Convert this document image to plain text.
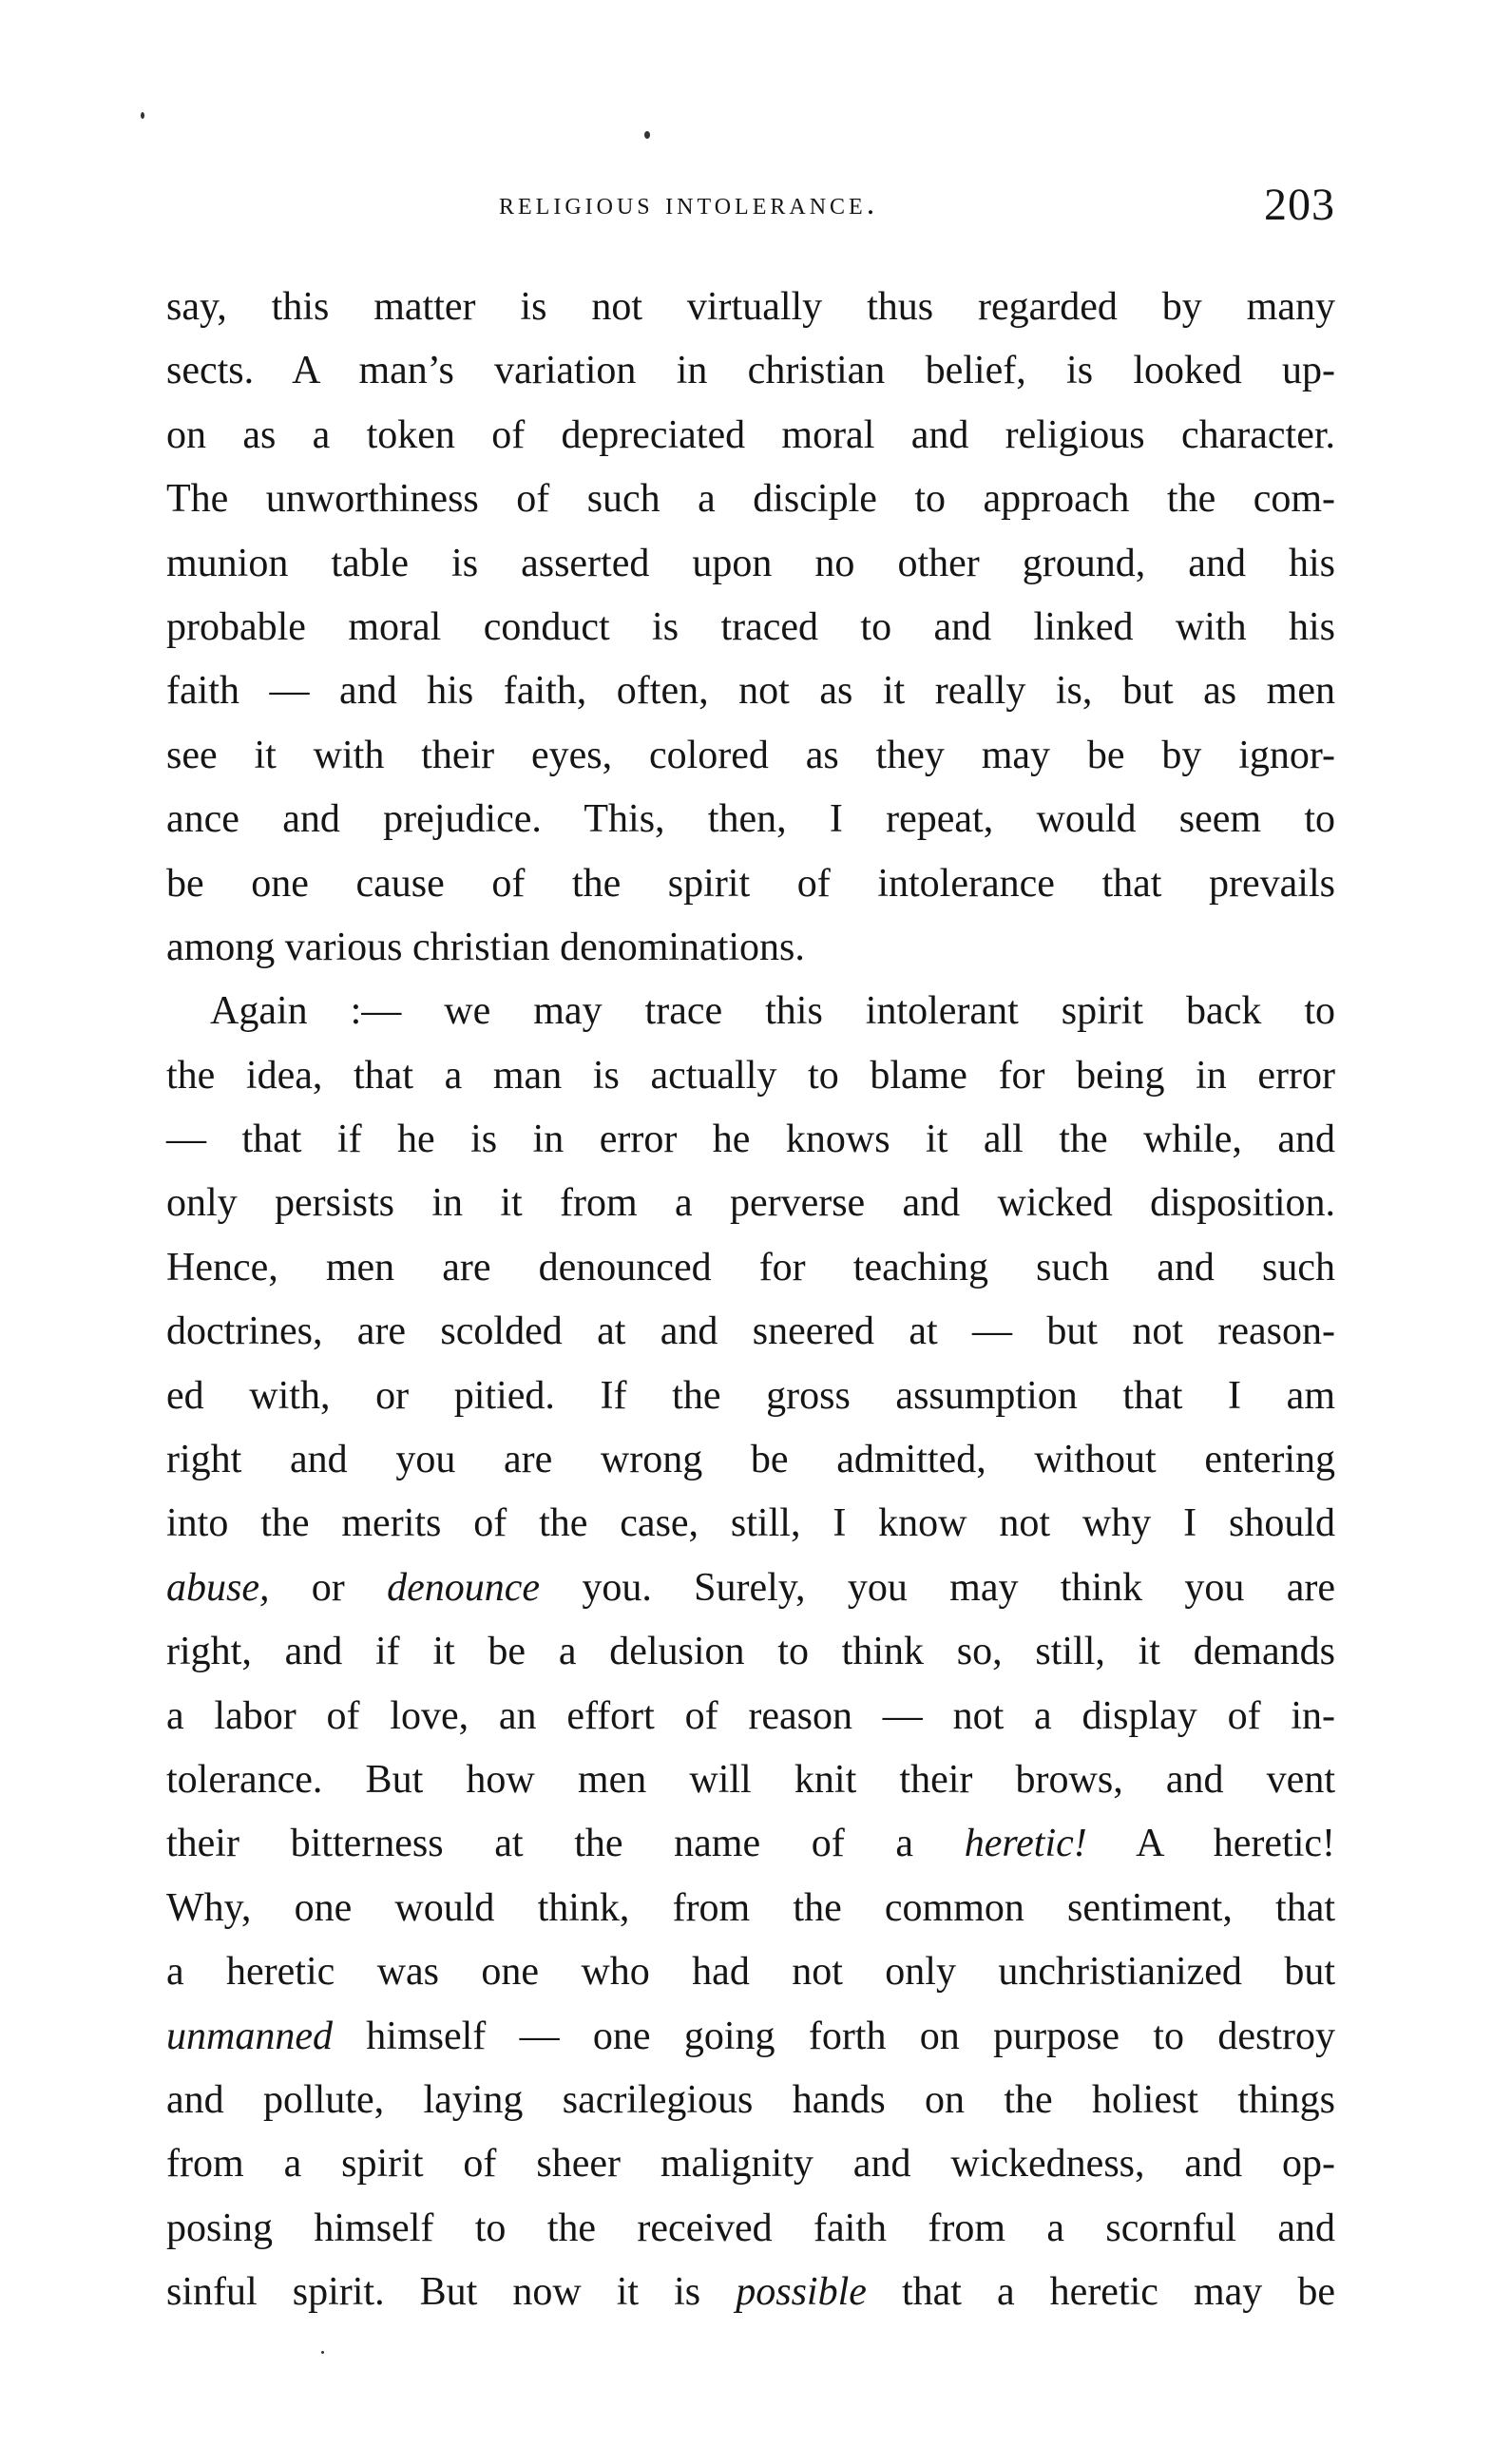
religious intolerance.	203
say, this matter is not virtually thus regarded by many
sects. A man’s variation in christian belief, is looked up-
on as a token of depreciated moral and religious character.
The unworthiness of such a disciple to approach the com-
munion table is asserted upon no other ground, and his
probable moral conduct is traced to and linked with his
faith — and his faith, often, not as it really is, but as men
see it with their eyes, colored as they may be by ignor-
ance and prejudice. This, then, I repeat, would seem to
be one cause of the spirit of intolerance that prevails
among various christian denominations.
Again :— we may trace this intolerant spirit back to
the idea, that a man is actually to blame for being in error
— that if he is in error he knows it all the while, and
only persists in it from a perverse and wicked disposition.
Hence, men are denounced for teaching such and such
doctrines, are scolded at and sneered at — but not reason-
ed with, or pitied. If the gross assumption that I am
right and you are wrong be admitted, without entering
into the merits of the case, still, I know not why I should
abuse, or denounce you. Surely, you may think you are
right, and if it be a delusion to think so, still, it demands
a labor of love, an effort of reason — not a display of in-
tolerance. But how men will knit their brows, and vent
their bitterness at the name of a heretic! A heretic!
Why, one would think, from the common sentiment, that
a heretic was one who had not only unchristianized but
unmanned himself — one going forth on purpose to destroy
and pollute, laying sacrilegious hands on the holiest things
from a spirit of sheer malignity and wickedness, and op-
posing himself to the received faith from a scornful and
sinful spirit. But now it is possible that a heretic may be
